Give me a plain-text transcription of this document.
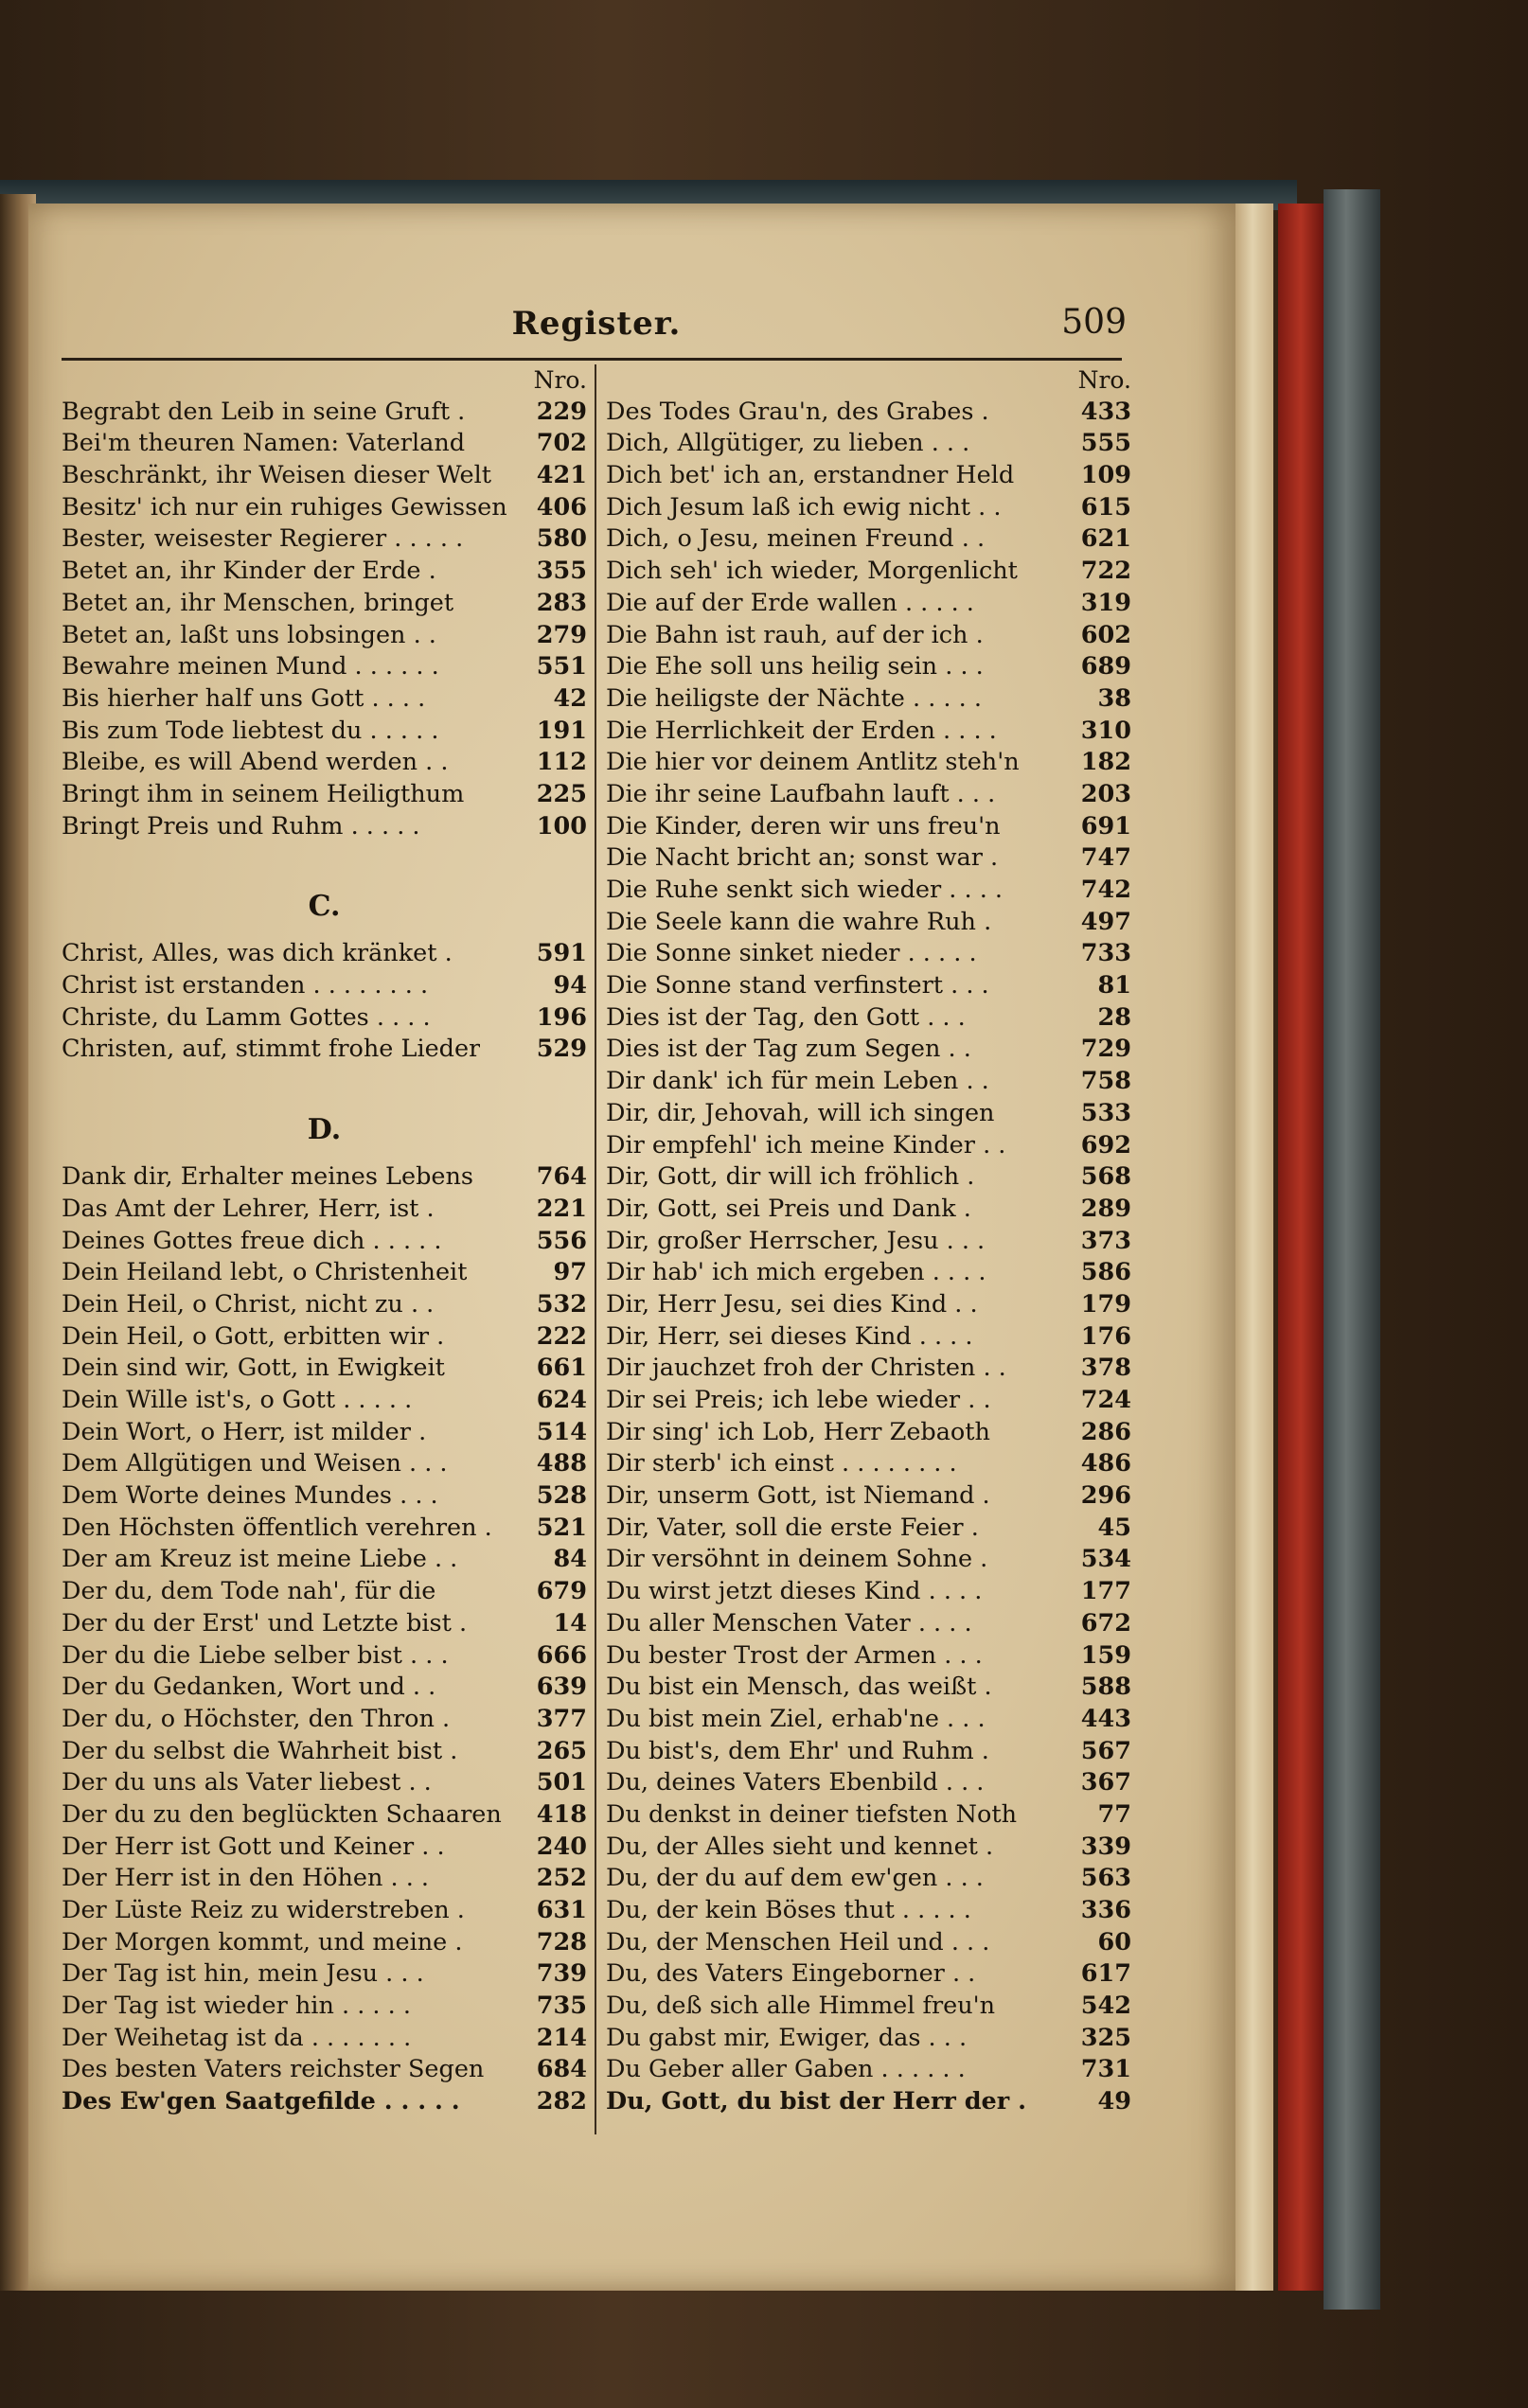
Register.	509
Nro.
Begrabt den Leib in seine Gruft .	229
Bei'm theuren Namen: Vaterland	702
Beschränkt, ihr Weisen dieser Welt 421
Besitz' ich nur ein ruhiges Gewissen 406
Bester, weisester Regierer . . . . .	580
Betet an, ihr Kinder der Erde .	355
Betet an, ihr Menschen, bringet	283
Betet an, laßt uns lobsingen . .	279
Bewahre meinen Mund . . . . . .	551
Bis hierher half uns Gott . . . .	42
Bis zum Tode liebtest du . . . . .	191
Bleibe, es will Abend werden . .	112
Bringt ihm in seinem Heiligthum	225
Bringt Preis und Ruhm . . . . .	100
C.
Christ, Alles, was dich kränket .	591
Christ ist erstanden . . . . . . . .	94
Christe, du Lamm Gottes . . . .	196
Christen, auf, stimmt frohe Lieder 529
D.
Dank dir, Erhalter meines Lebens	764
Das Amt der Lehrer, Herr, ist .	221
Deines Gottes freue dich . . . . .	556
Dein Heiland lebt, o Christenheit	97
Dein Heil, o Christ, nicht zu . .	532
Dein Heil, o Gott, erbitten wir .	222
Dein sind wir, Gott, in Ewigkeit	661
Dein Wille ist's, o Gott . . . . .	624
Dein Wort, o Herr, ist milder .	514
Dem Allgütigen und Weisen . . .	488
Dem Worte deines Mundes . . .	528
Den Höchsten öffentlich verehren . 521
Der am Kreuz ist meine Liebe . .	84
Der du, dem Tode nah', für die	679
Der du der Erst' und Letzte bist .	14
Der du die Liebe selber bist . . .	666
Der du Gedanken, Wort und . .	639
Der du, o Höchster, den Thron .	377
Der du selbst die Wahrheit bist .	265
Der du uns als Vater liebest . .	501
Der du zu den beglückten Schaaren 418
Der Herr ist Gott und Keiner . .	240
Der Herr ist in den Höhen . . .	252
Der Lüste Reiz zu widerstreben .	631
Der Morgen kommt, und meine .	728
Der Tag ist hin, mein Jesu . . .	739
Der Tag ist wieder hin . . . . .	735
Der Weihetag ist da . . . . . . .	214
Des besten Vaters reichster Segen 684
Des Ew'gen Saatgefilde . . . . .	282
Nro.
Des Todes Grau'n, des Grabes .	433
Dich, Allgütiger, zu lieben . . .	555
Dich bet' ich an, erstandner Held	109
Dich Jesum laß ich ewig nicht . .	615
Dich, o Jesu, meinen Freund . .	621
Dich seh' ich wieder, Morgenlicht	722
Die auf der Erde wallen . . . . .	319
Die Bahn ist rauh, auf der ich .	602
Die Ehe soll uns heilig sein . . .	689
Die heiligste der Nächte . . . . .	38
Die Herrlichkeit der Erden . . . .	310
Die hier vor deinem Antlitz steh'n	182
Die ihr seine Laufbahn lauft . . .	203
Die Kinder, deren wir uns freu'n	691
Die Nacht bricht an; sonst war .	747
Die Ruhe senkt sich wieder . . . .	742
Die Seele kann die wahre Ruh .	497
Die Sonne sinket nieder . . . . .	733
Die Sonne stand verfinstert . . .	81
Dies ist der Tag, den Gott . . .	28
Dies ist der Tag zum Segen . .	729
Dir dank' ich für mein Leben . .	758
Dir, dir, Jehovah, will ich singen	533
Dir empfehl' ich meine Kinder . .	692
Dir, Gott, dir will ich fröhlich .	568
Dir, Gott, sei Preis und Dank .	289
Dir, großer Herrscher, Jesu . . .	373
Dir hab' ich mich ergeben . . . .	586
Dir, Herr Jesu, sei dies Kind . .	179
Dir, Herr, sei dieses Kind . . . .	176
Dir jauchzet froh der Christen . .	378
Dir sei Preis; ich lebe wieder . .	724
Dir sing' ich Lob, Herr Zebaoth	286
Dir sterb' ich einst . . . . . . . .	486
Dir, unserm Gott, ist Niemand .	296
Dir, Vater, soll die erste Feier .	45
Dir versöhnt in deinem Sohne .	534
Du wirst jetzt dieses Kind . . . .	177
Du aller Menschen Vater . . . .	672
Du bester Trost der Armen . . .	159
Du bist ein Mensch, das weißt .	588
Du bist mein Ziel, erhab'ne . . .	443
Du bist's, dem Ehr' und Ruhm .	567
Du, deines Vaters Ebenbild . . .	367
Du denkst in deiner tiefsten Noth	77
Du, der Alles sieht und kennet .	339
Du, der du auf dem ew'gen . . .	563
Du, der kein Böses thut . . . . .	336
Du, der Menschen Heil und . . .	60
Du, des Vaters Eingeborner . .	617
Du, deß sich alle Himmel freu'n	542
Du gabst mir, Ewiger, das . . .	325
Du Geber aller Gaben . . . . . .	731
Du, Gott, du bist der Herr der .	49
